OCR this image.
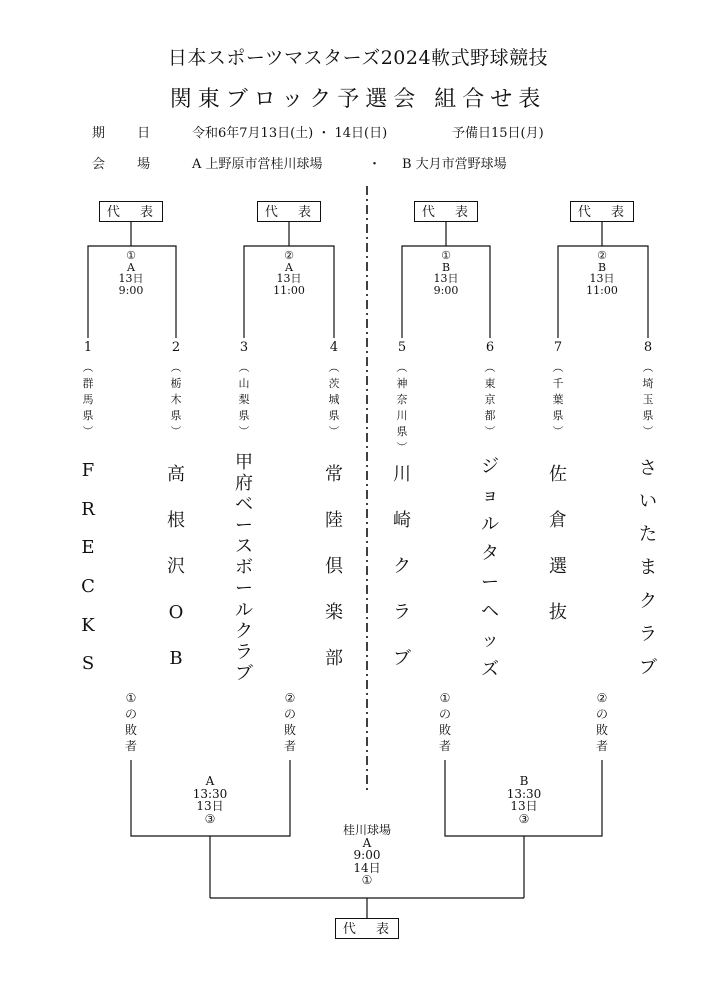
日本スポーツマスターズ2024軟式野球競技
関東ブロック予選会 組合せ表
期 日 令和6年7月13日(土) ・ 14日(日)	予備日15日(月)
会 場 A 上野原市営桂川球場	・ B 大月市営野球場
代 表	代 表	代 表	代 表
代 表
①
A
13日
9:00
②
A
13日
11:00
①
B
13日
9:00
②
B
13日
11:00
1
︵
群
馬
県
︶
F
R
E
C
K
S
2
︵
栃
木
県
︶
高
根
沢
O
B
3
︵
山
梨
県
︶
甲
府
ベ
ー
ス
ボ
ー
ル
ク
ラ
ブ
4
︵
茨
城
県
︶
常
陸
倶
楽
部
5
︵
神
奈
川
県
︶
川
崎
ク
ラ
ブ
6
︵
東
京
都
︶
ジ
ョ
ル
タ
ー
ヘ
ッ
ズ
7
︵
千
葉
県
︶
佐
倉
選
抜
8
︵
埼
玉
県
︶
さ
い
た
ま
ク
ラ
ブ
①
の
敗
者
②
の
敗
者
①
の
敗
者
②
の
敗
者
A
13:30
13日
③
B
13:30
13日
③
桂川球場
A
9:00
14日
①
